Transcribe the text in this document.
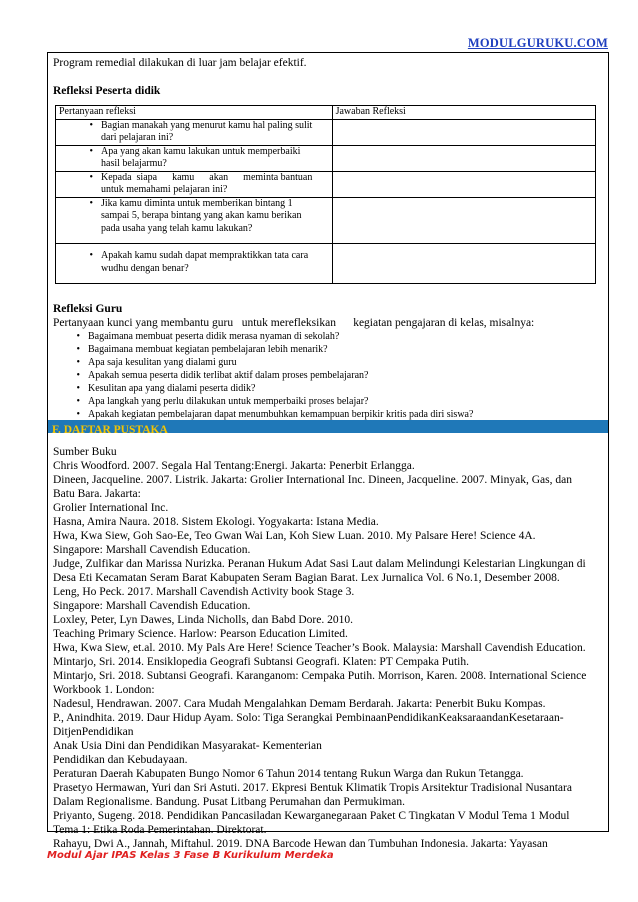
MODULGURUKU.COM

Program remedial dilakukan di luar jam belajar efektif.

Refleksi Peserta didik

Pertanyaan refleksi	Jawaban Refleksi

• Bagian manakah yang menurut kamu hal paling sulit
dari pelajaran ini?	

• Apa yang akan kamu lakukan untuk memperbaiki
hasil belajarmu?	

• Kepada  siapa      kamu      akan      meminta bantuan
untuk memahami pelajaran ini?	

• Jika kamu diminta untuk memberikan bintang 1
sampai 5, berapa bintang yang akan kamu berikan
pada usaha yang telah kamu lakukan?	

• Apakah kamu sudah dapat mempraktikkan tata cara
wudhu dengan benar?	

Refleksi Guru

Pertanyaan kunci yang membantu guru   untuk merefleksikan      kegiatan pengajaran di kelas, misalnya:

• Bagaimana membuat peserta didik merasa nyaman di sekolah?
• Bagaimana membuat kegiatan pembelajaran lebih menarik?
• Apa saja kesulitan yang dialami guru
• Apakah semua peserta didik terlibat aktif dalam proses pembelajaran?
• Kesulitan apa yang dialami peserta didik?
• Apa langkah yang perlu dilakukan untuk memperbaiki proses belajar?
• Apakah kegiatan pembelajaran dapat menumbuhkan kemampuan berpikir kritis pada diri siswa?
F. DAFTAR PUSTAKA
Sumber Buku
Chris Woodford. 2007. Segala Hal Tentang:Energi. Jakarta: Penerbit Erlangga.
Dineen, Jacqueline. 2007. Listrik. Jakarta: Grolier International Inc. Dineen, Jacqueline. 2007. Minyak, Gas, dan
Batu Bara. Jakarta:
Grolier International Inc.
Hasna, Amira Naura. 2018. Sistem Ekologi. Yogyakarta: Istana Media.
Hwa, Kwa Siew, Goh Sao-Ee, Teo Gwan Wai Lan, Koh Siew Luan. 2010. My Palsare Here! Science 4A.
Singapore: Marshall Cavendish Education.
Judge, Zulfikar dan Marissa Nurizka. Peranan Hukum Adat Sasi Laut dalam Melindungi Kelestarian Lingkungan di
Desa Eti Kecamatan Seram Barat Kabupaten Seram Bagian Barat. Lex Jurnalica Vol. 6 No.1, Desember 2008.
Leng, Ho Peck. 2017. Marshall Cavendish Activity book Stage 3.
Singapore: Marshall Cavendish Education.
Loxley, Peter, Lyn Dawes, Linda Nicholls, dan Babd Dore. 2010.
Teaching Primary Science. Harlow: Pearson Education Limited.
Hwa, Kwa Siew, et.al. 2010. My Pals Are Here! Science Teacher’s Book. Malaysia: Marshall Cavendish Education.
Mintarjo, Sri. 2014. Ensiklopedia Geografi Subtansi Geografi. Klaten: PT Cempaka Putih.
Mintarjo, Sri. 2018. Subtansi Geografi. Karanganom: Cempaka Putih. Morrison, Karen. 2008. International Science
Workbook 1. London:
Nadesul, Hendrawan. 2007. Cara Mudah Mengalahkan Demam Berdarah. Jakarta: Penerbit Buku Kompas.
P., Anindhita. 2019. Daur Hidup Ayam. Solo: Tiga Serangkai PembinaanPendidikanKeaksaraandanKesetaraan-
DitjenPendidikan
Anak Usia Dini dan Pendidikan Masyarakat- Kementerian
Pendidikan dan Kebudayaan.
Peraturan Daerah Kabupaten Bungo Nomor 6 Tahun 2014 tentang Rukun Warga dan Rukun Tetangga.
Prasetyo Hermawan, Yuri dan Sri Astuti. 2017. Ekpresi Bentuk Klimatik Tropis Arsitektur Tradisional Nusantara
Dalam Regionalisme. Bandung. Pusat Litbang Perumahan dan Permukiman.
Priyanto, Sugeng. 2018. Pendidikan Pancasiladan Kewarganegaraan Paket C Tingkatan V Modul Tema 1 Modul
Tema 1: Etika Roda Pemerintahan. Direktorat.
Rahayu, Dwi A., Jannah, Miftahul. 2019. DNA Barcode Hewan dan Tumbuhan Indonesia. Jakarta: Yayasan
Modul Ajar IPAS Kelas 3 Fase B Kurikulum Merdeka
